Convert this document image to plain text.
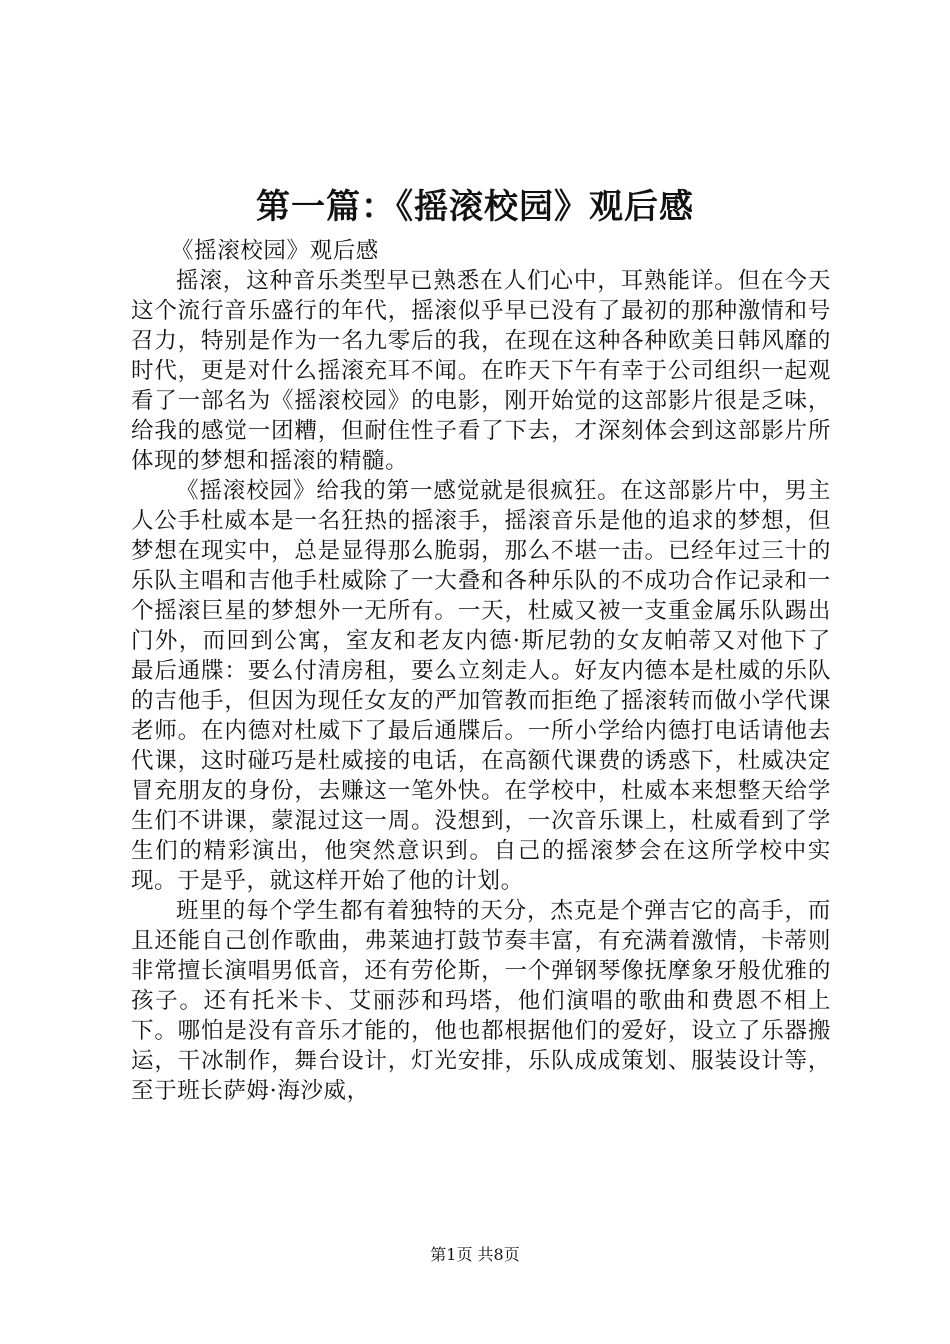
第一篇：《摇滚校园》观后感

《摇滚校园》观后感

摇滚，这种音乐类型早已熟悉在人们心中，耳熟能详。但在今天这个流行音乐盛行的年代，摇滚似乎早已没有了最初的那种激情和号召力，特别是作为一名九零后的我，在现在这种各种欧美日韩风靡的时代，更是对什么摇滚充耳不闻。在昨天下午有幸于公司组织一起观看了一部名为《摇滚校园》的电影，刚开始觉的这部影片很是乏味，给我的感觉一团糟，但耐住性子看了下去，才深刻体会到这部影片所体现的梦想和摇滚的精髓。

《摇滚校园》给我的第一感觉就是很疯狂。在这部影片中，男主人公手杜威本是一名狂热的摇滚手，摇滚音乐是他的追求的梦想，但梦想在现实中，总是显得那么脆弱，那么不堪一击。已经年过三十的乐队主唱和吉他手杜威除了一大叠和各种乐队的不成功合作记录和一个摇滚巨星的梦想外一无所有。一天，杜威又被一支重金属乐队踢出门外，而回到公寓，室友和老友内德·斯尼勃的女友帕蒂又对他下了最后通牒：要么付清房租，要么立刻走人。好友内德本是杜威的乐队的吉他手，但因为现任女友的严加管教而拒绝了摇滚转而做小学代课老师。在内德对杜威下了最后通牒后。一所小学给内德打电话请他去代课，这时碰巧是杜威接的电话，在高额代课费的诱惑下，杜威决定冒充朋友的身份，去赚这一笔外快。在学校中，杜威本来想整天给学生们不讲课，蒙混过这一周。没想到，一次音乐课上，杜威看到了学生们的精彩演出，他突然意识到。自己的摇滚梦会在这所学校中实现。于是乎，就这样开始了他的计划。

班里的每个学生都有着独特的天分，杰克是个弹吉它的高手，而且还能自己创作歌曲，弗莱迪打鼓节奏丰富，有充满着激情，卡蒂则非常擅长演唱男低音，还有劳伦斯，一个弹钢琴像抚摩象牙般优雅的孩子。还有托米卡、艾丽莎和玛塔，他们演唱的歌曲和费恩不相上下。哪怕是没有音乐才能的，他也都根据他们的爱好，设立了乐器搬运，干冰制作，舞台设计，灯光安排，乐队成成策划、服装设计等，至于班长萨姆·海沙威，

第1页 共8页
